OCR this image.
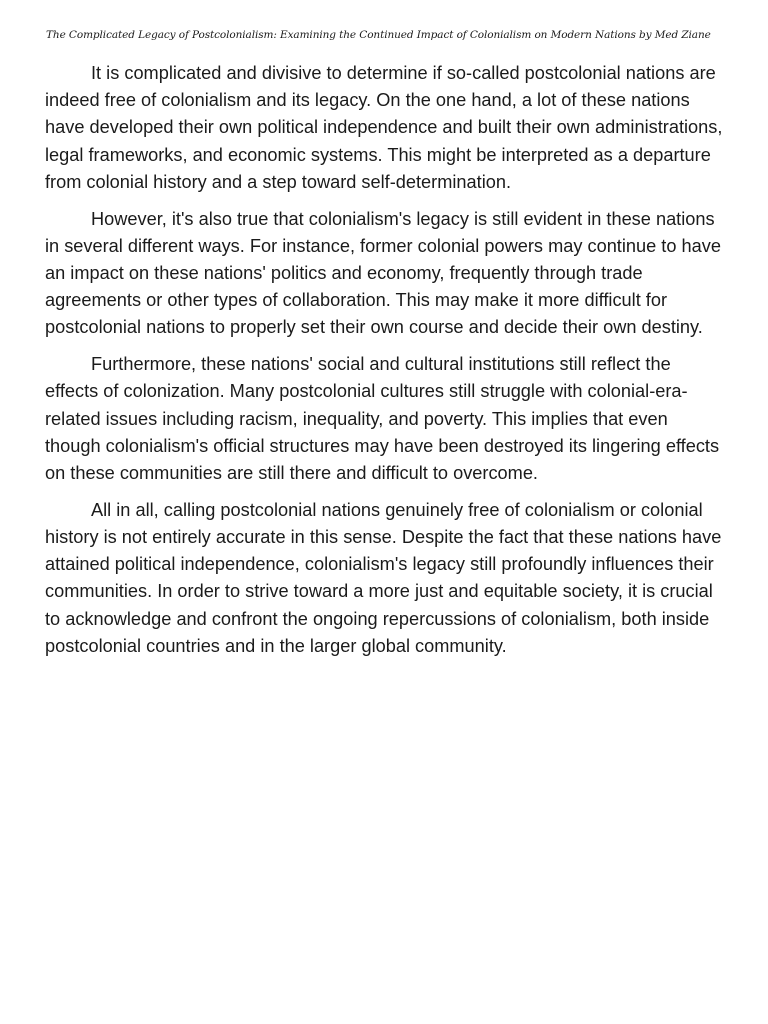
The Complicated Legacy of Postcolonialism: Examining the Continued Impact of Colonialism on Modern Nations by Med Ziane

It is complicated and divisive to determine if so-called postcolonial nations are indeed free of colonialism and its legacy. On the one hand, a lot of these nations have developed their own political independence and built their own administrations, legal frameworks, and economic systems. This might be interpreted as a departure from colonial history and a step toward self-determination.

However, it's also true that colonialism's legacy is still evident in these nations in several different ways. For instance, former colonial powers may continue to have an impact on these nations' politics and economy, frequently through trade agreements or other types of collaboration. This may make it more difficult for postcolonial nations to properly set their own course and decide their own destiny.

Furthermore, these nations' social and cultural institutions still reflect the effects of colonization. Many postcolonial cultures still struggle with colonial-era-related issues including racism, inequality, and poverty. This implies that even though colonialism's official structures may have been destroyed its lingering effects on these communities are still there and difficult to overcome.

All in all, calling postcolonial nations genuinely free of colonialism or colonial history is not entirely accurate in this sense. Despite the fact that these nations have attained political independence, colonialism's legacy still profoundly influences their communities. In order to strive toward a more just and equitable society, it is crucial to acknowledge and confront the ongoing repercussions of colonialism, both inside postcolonial countries and in the larger global community.
